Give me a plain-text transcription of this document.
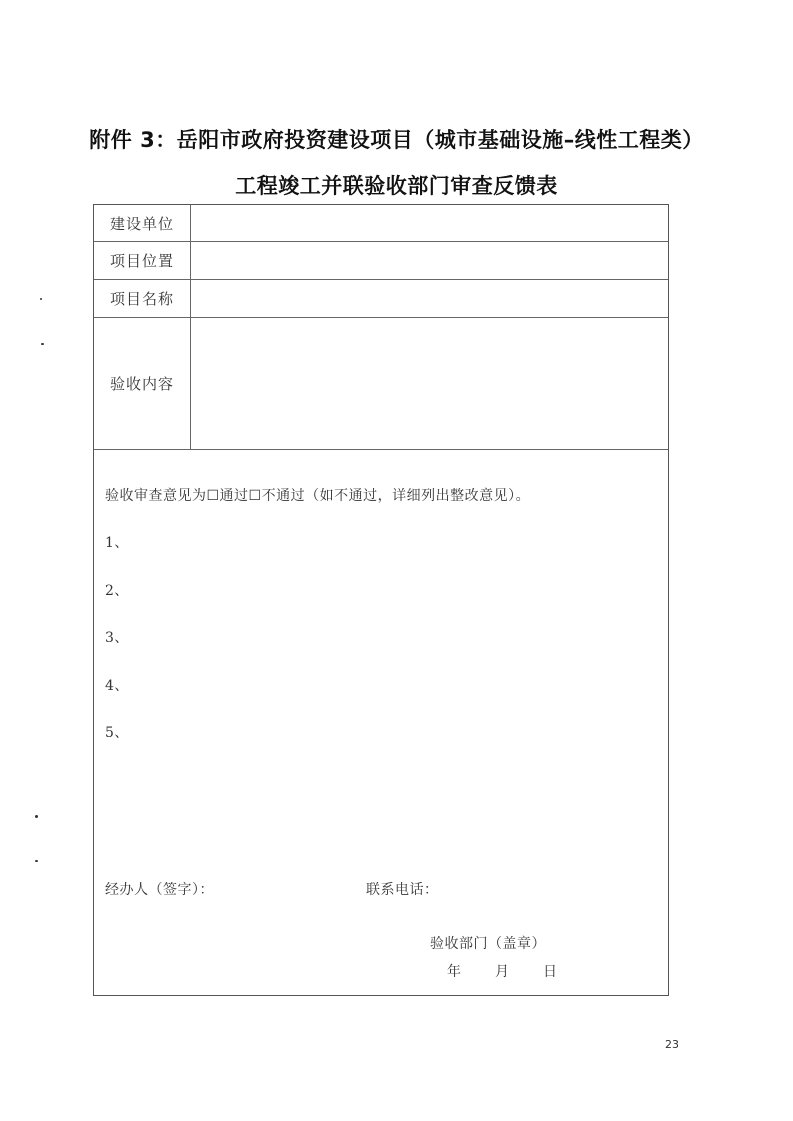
附件 3：岳阳市政府投资建设项目（城市基础设施–线性工程类）
工程竣工并联验收部门审查反馈表
建设单位
项目位置
项目名称
验收内容
验收审查意见为☐通过☐不通过（如不通过，详细列出整改意见）。
1、
2、
3、
4、
5、
经办人（签字）：	联系电话：
验收部门（盖章）
年 月 日
23
